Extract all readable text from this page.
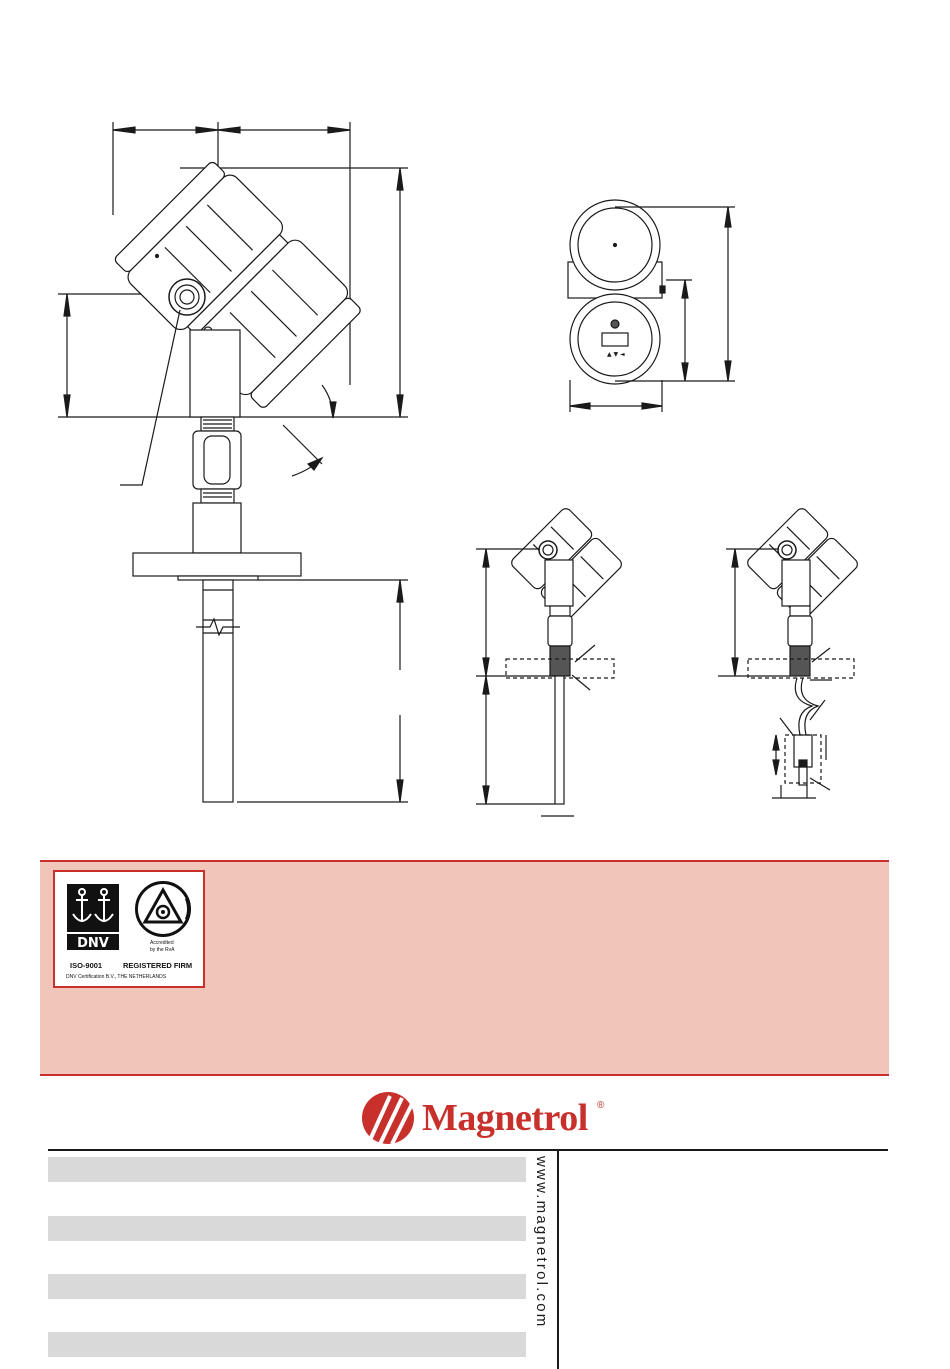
▲ ▼ ◄
DNV	Accredited
by the RvA
ISO-9001	REGISTERED FIRM
DNV Certification B.V., THE NETHERLANDS
Magnetrol ®
www.magnetrol.com
